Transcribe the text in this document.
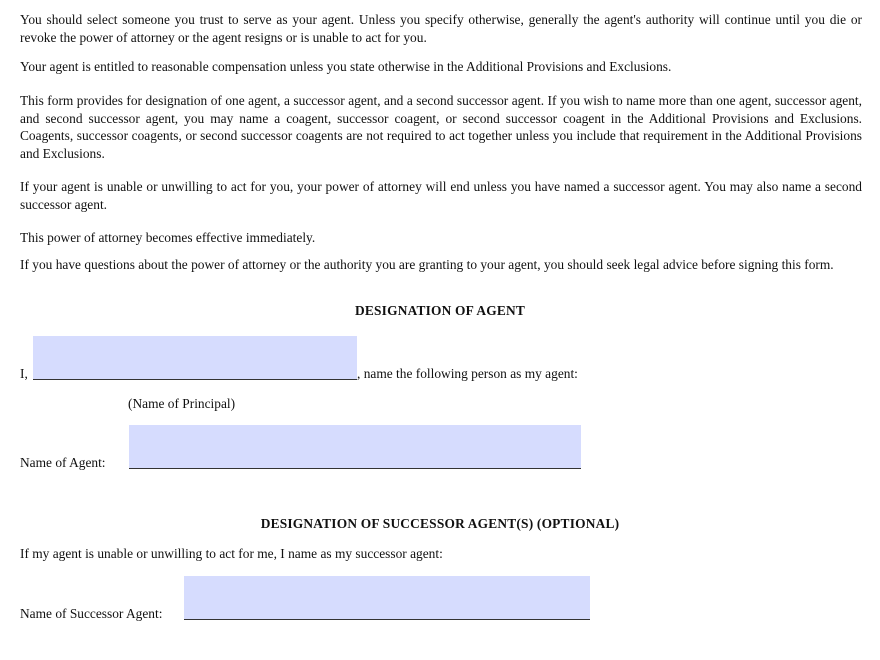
You should select someone you trust to serve as your agent. Unless you specify otherwise, generally the agent's authority will continue until you die or revoke the power of attorney or the agent resigns or is unable to act for you.

Your agent is entitled to reasonable compensation unless you state otherwise in the Additional Provisions and Exclusions.

This form provides for designation of one agent, a successor agent, and a second successor agent. If you wish to name more than one agent, successor agent, and second successor agent, you may name a coagent, successor coagent, or second successor coagent in the Additional Provisions and Exclusions. Coagents, successor coagents, or second successor coagents are not required to act together unless you include that requirement in the Additional Provisions and Exclusions.

If your agent is unable or unwilling to act for you, your power of attorney will end unless you have named a successor agent. You may also name a second successor agent.

This power of attorney becomes effective immediately.

If you have questions about the power of attorney or the authority you are granting to your agent, you should seek legal advice before signing this form.

DESIGNATION OF AGENT
I,	, name the following person as my agent:
(Name of Principal)
Name of Agent:
DESIGNATION OF SUCCESSOR AGENT(S) (OPTIONAL)
If my agent is unable or unwilling to act for me, I name as my successor agent:
Name of Successor Agent:
